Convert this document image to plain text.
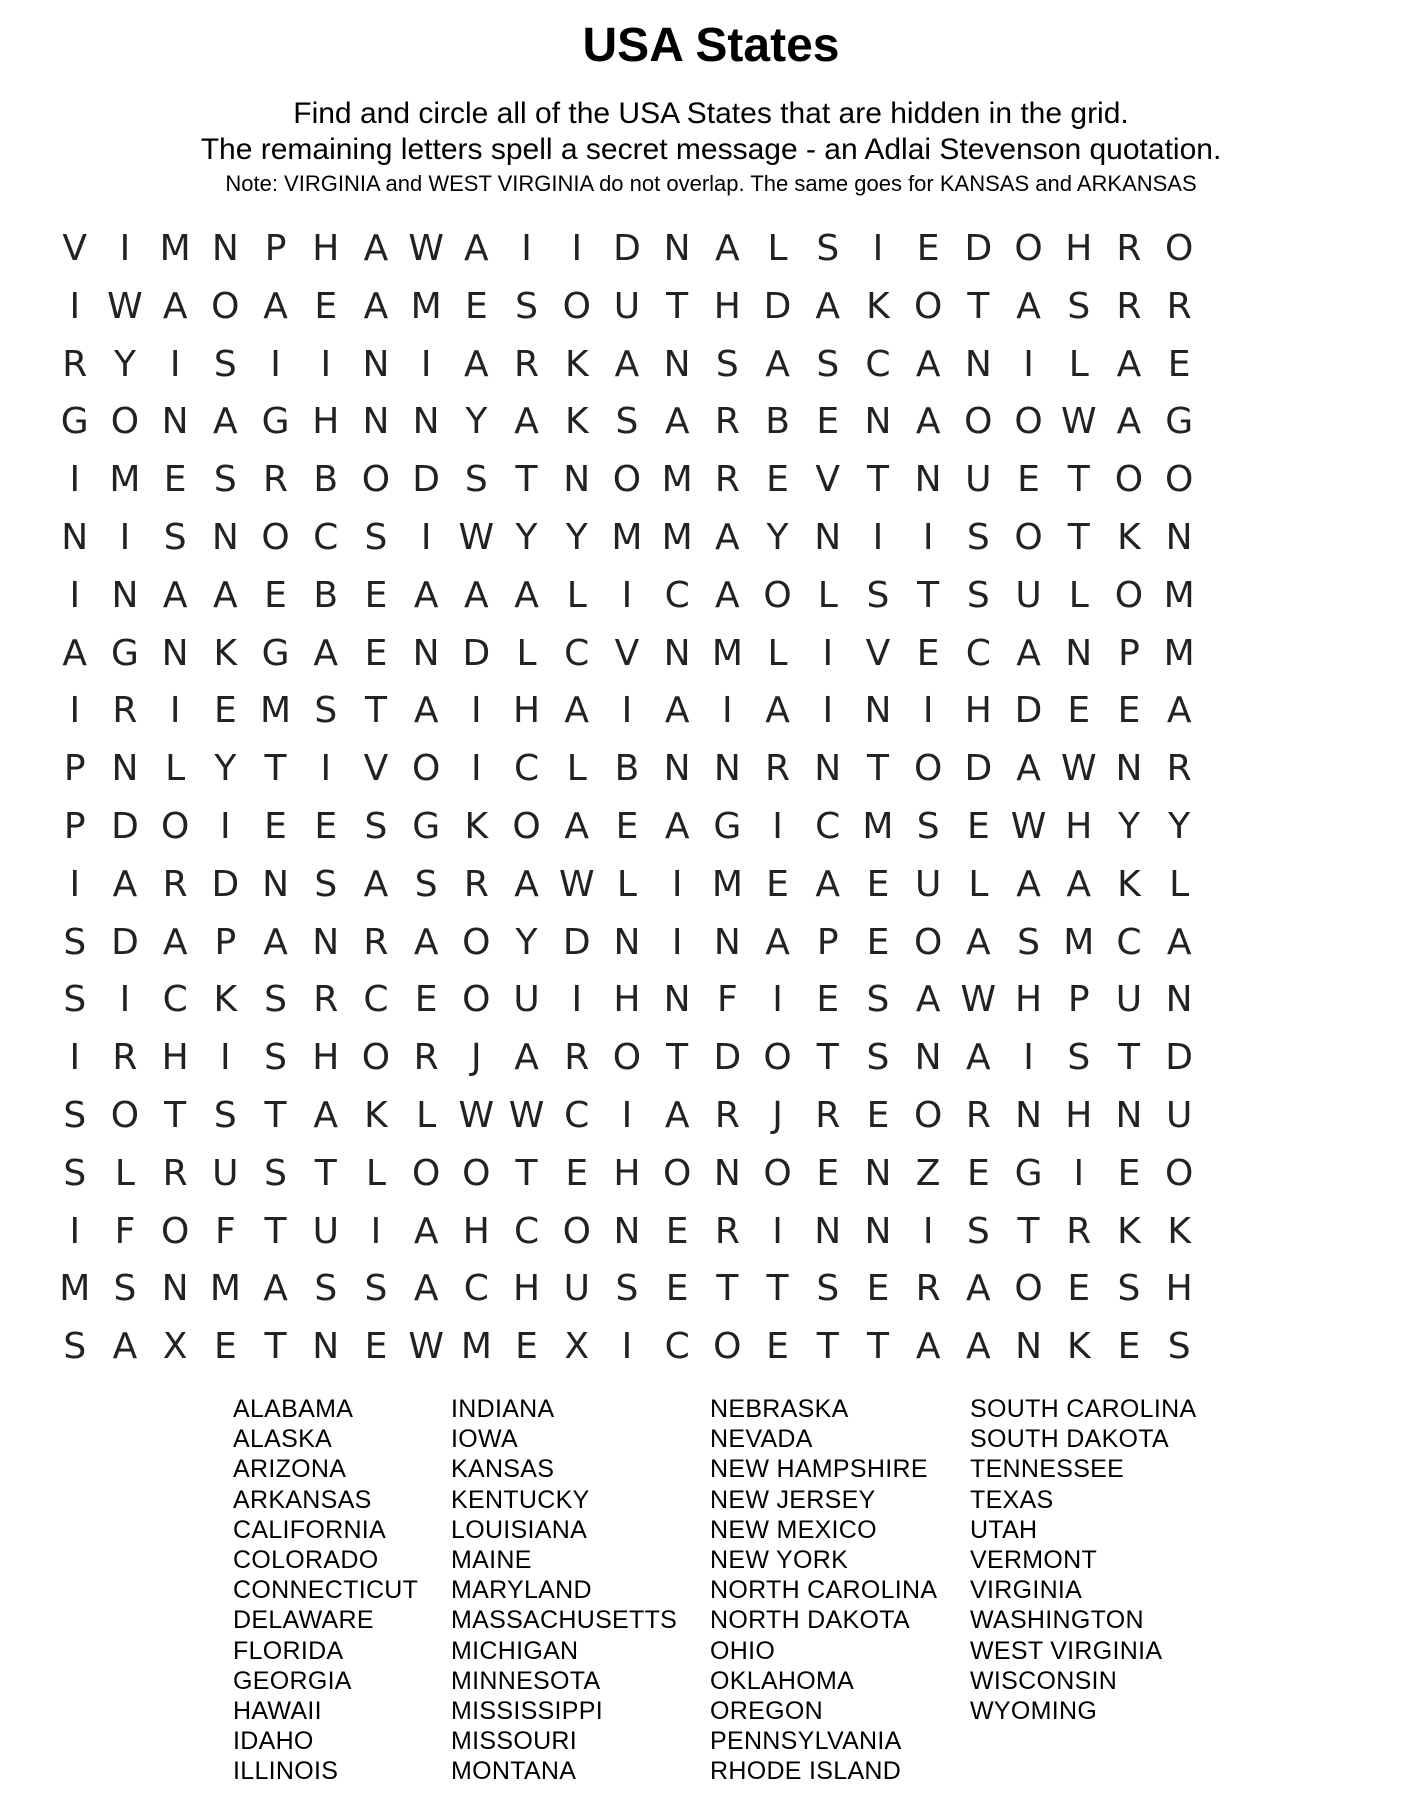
USA States
Find and circle all of the USA States that are hidden in the grid.
The remaining letters spell a secret message - an Adlai Stevenson quotation.
Note: VIRGINIA and WEST VIRGINIA do not overlap. The same goes for KANSAS and ARKANSAS
V I M N P H A W A I	I D N A L S I E D O H R O
I W A O A E A M E S O U T H D A K O T A S R R
R Y I S I	I N I A R K A N S A S C A N I L A E
G O N A G H N N Y A K S A R B E N A O O W A G
I M E S R B O D S T N O M R E V T N U E T O O
N I S N O C S I W Y Y M M A Y N I	I S O T K N
I N A A E B E A A A L I C A O L S T S U L O M
A G N K G A E N D L C V N M L I V E C A N P M
I R I E M S T A I H A I A I A I N I H D E E A
P N L Y T I V O I C L B N N R N T O D A W N R
P D O I E E S G K O A E A G I C M S E W H Y Y
I A R D N S A S R A W L I M E A E U L A A K L
S D A P A N R A O Y D N I N A P E O A S M C A
S I C K S R C E O U I H N F I E S A W H P U N
I R H I S H O R J A R O T D O T S N A I S T D
S O T S T A K L W W C I A R J R E O R N H N U
S L R U S T L O O T E H O N O E N Z E G I E O
I F O F T U I A H C O N E R I N N I S T R K K
M S N M A S S A C H U S E T T S E R A O E S H
S A X E T N E W M E X I C O E T T A A N K E S
ALABAMA
ALASKA
ARIZONA
ARKANSAS
CALIFORNIA
COLORADO
CONNECTICUT
DELAWARE
FLORIDA
GEORGIA
HAWAII
IDAHO
ILLINOIS
INDIANA
IOWA
KANSAS
KENTUCKY
LOUISIANA
MAINE
MARYLAND
MASSACHUSETTS
MICHIGAN
MINNESOTA
MISSISSIPPI
MISSOURI
MONTANA
NEBRASKA
NEVADA
NEW HAMPSHIRE
NEW JERSEY
NEW MEXICO
NEW YORK
NORTH CAROLINA
NORTH DAKOTA
OHIO
OKLAHOMA
OREGON
PENNSYLVANIA
RHODE ISLAND
SOUTH CAROLINA
SOUTH DAKOTA
TENNESSEE
TEXAS
UTAH
VERMONT
VIRGINIA
WASHINGTON
WEST VIRGINIA
WISCONSIN
WYOMING
